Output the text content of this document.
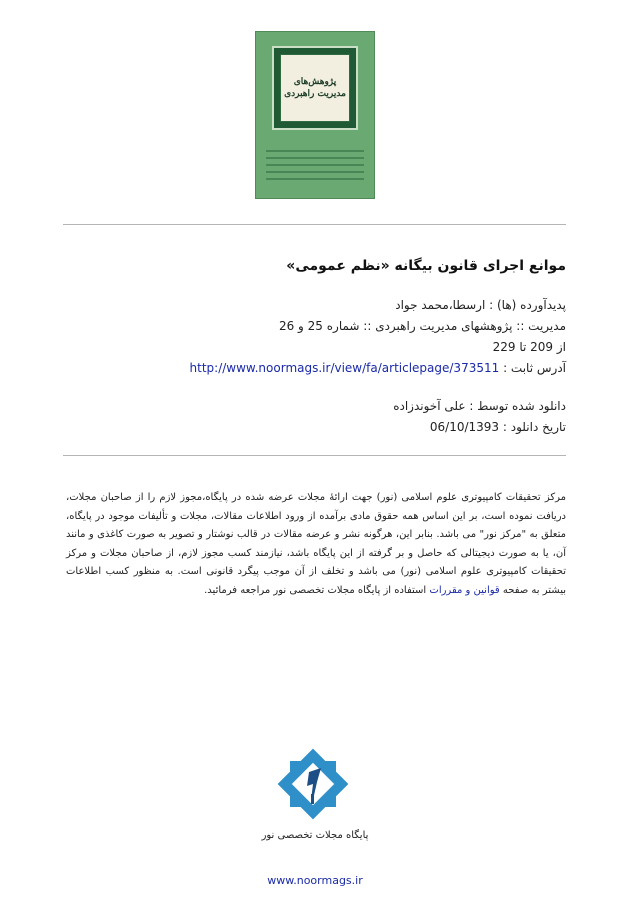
پژوهش‌های
مدیریت راهبردی
موانع اجرای قانون بیگانه «نظم عمومی»
پدیدآورده (ها) : ارسطا،محمد جواد
مدیریت :: پژوهشهای مدیریت راهبردی :: شماره 25 و 26
از 209 تا 229
آدرس ثابت : http://www.noormags.ir/view/fa/articlepage/373511
دانلود شده توسط : علی آخوندزاده
تاریخ دانلود : 06/10/1393
مرکز تحقیقات کامپیوتری علوم اسلامی (نور) جهت ارائهٔ مجلات عرضه شده در پایگاه،مجوز لازم را از صاحبان مجلات، دریافت نموده است، بر این اساس همه حقوق مادی برآمده از ورود اطلاعات مقالات، مجلات و تألیفات موجود در پایگاه، متعلق به "مرکز نور" می باشد. بنابر این، هرگونه نشر و عرضه مقالات در قالب نوشتار و تصویر به صورت کاغذی و مانند آن، یا به صورت دیجیتالی که حاصل و بر گرفته از این پایگاه باشد، نیازمند کسب مجوز لازم، از صاحبان مجلات و مرکز تحقیقات کامپیوتری علوم اسلامی (نور) می باشد و تخلف از آن موجب پیگرد قانونی است. به منظور کسب اطلاعات بیشتر به صفحه قوانین و مقررات استفاده از پایگاه مجلات تخصصی نور مراجعه فرمائید.
پایگاه مجلات تخصصی نور
www.noormags.ir
